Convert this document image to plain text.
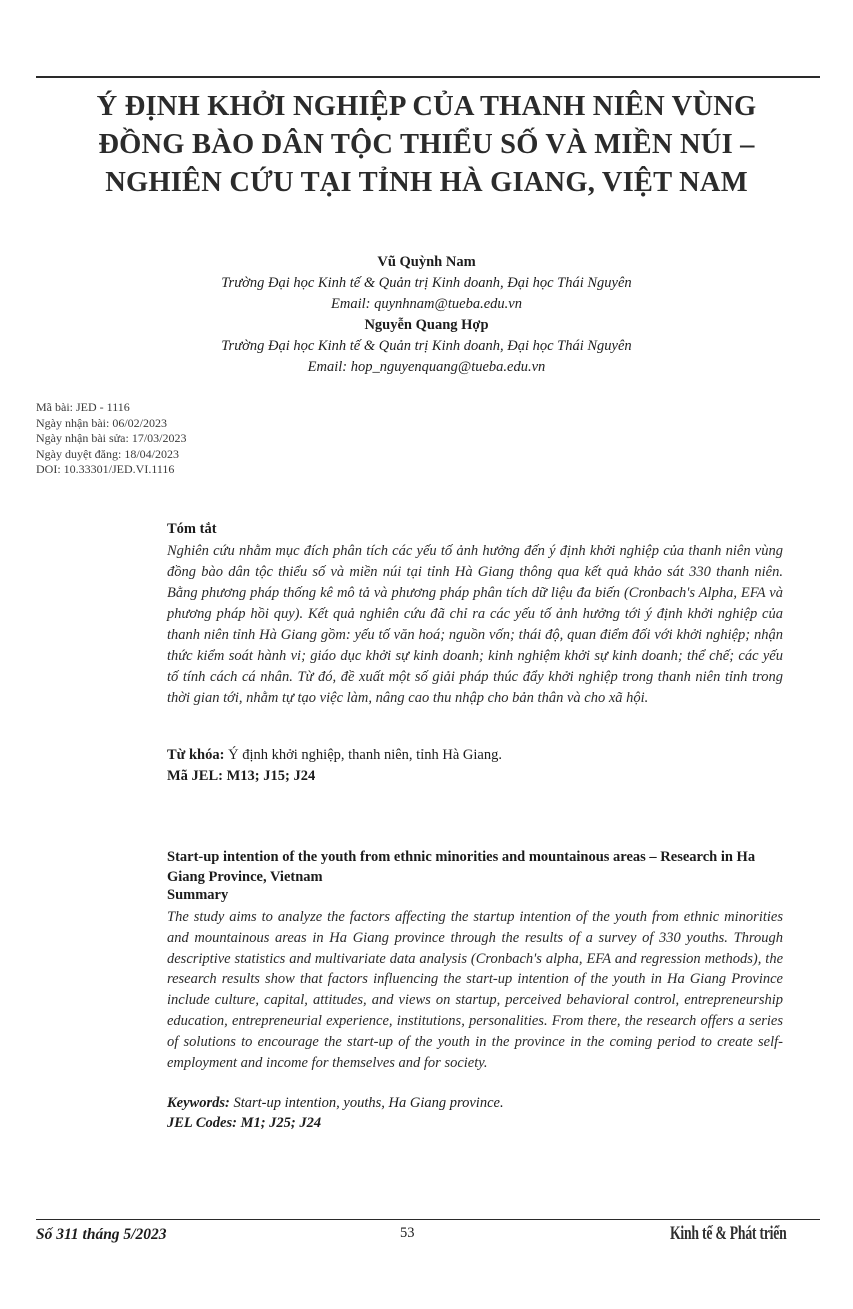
Ý ĐỊNH KHỞI NGHIỆP CỦA THANH NIÊN VÙNG ĐỒNG BÀO DÂN TỘC THIỂU SỐ VÀ MIỀN NÚI – NGHIÊN CỨU TẠI TỈNH HÀ GIANG, VIỆT NAM
Vũ Quỳnh Nam
Trường Đại học Kinh tế & Quản trị Kinh doanh, Đại học Thái Nguyên
Email: quynhnam@tueba.edu.vn
Nguyễn Quang Hợp
Trường Đại học Kinh tế & Quản trị Kinh doanh, Đại học Thái Nguyên
Email: hop_nguyenquang@tueba.edu.vn
Mã bài: JED - 1116
Ngày nhận bài: 06/02/2023
Ngày nhận bài sửa: 17/03/2023
Ngày duyệt đăng: 18/04/2023
DOI: 10.33301/JED.VI.1116
Tóm tắt
Nghiên cứu nhằm mục đích phân tích các yếu tố ảnh hưởng đến ý định khởi nghiệp của thanh niên vùng đồng bào dân tộc thiểu số và miền núi tại tỉnh Hà Giang thông qua kết quả khảo sát 330 thanh niên. Bằng phương pháp thống kê mô tả và phương pháp phân tích dữ liệu đa biến (Cronbach's Alpha, EFA và phương pháp hồi quy). Kết quả nghiên cứu đã chỉ ra các yếu tố ảnh hưởng tới ý định khởi nghiệp của thanh niên tỉnh Hà Giang gồm: yếu tố văn hoá; nguồn vốn; thái độ, quan điểm đối với khởi nghiệp; nhận thức kiểm soát hành vi; giáo dục khởi sự kinh doanh; kinh nghiệm khởi sự kinh doanh; thể chế; các yếu tố tính cách cá nhân. Từ đó, đề xuất một số giải pháp thúc đẩy khởi nghiệp trong thanh niên tỉnh trong thời gian tới, nhằm tự tạo việc làm, nâng cao thu nhập cho bản thân và cho xã hội.
Từ khóa: Ý định khởi nghiệp, thanh niên, tỉnh Hà Giang.
Mã JEL: M13; J15; J24
Start-up intention of the youth from ethnic minorities and mountainous areas – Research in Ha Giang Province, Vietnam
Summary
The study aims to analyze the factors affecting the startup intention of the youth from ethnic minorities and mountainous areas in Ha Giang province through the results of a survey of 330 youths. Through descriptive statistics and multivariate data analysis (Cronbach's alpha, EFA and regression methods), the research results show that factors influencing the start-up intention of the youth in Ha Giang Province include culture, capital, attitudes, and views on startup, perceived behavioral control, entrepreneurship education, entrepreneurial experience, institutions, personalities. From there, the research offers a series of solutions to encourage the start-up of the youth in the province in the coming period to create self-employment and income for themselves and for society.
Keywords: Start-up intention, youths, Ha Giang province.
JEL Codes: M1; J25; J24
Số 311 tháng 5/2023	53	Kinh tế & Phát triển
